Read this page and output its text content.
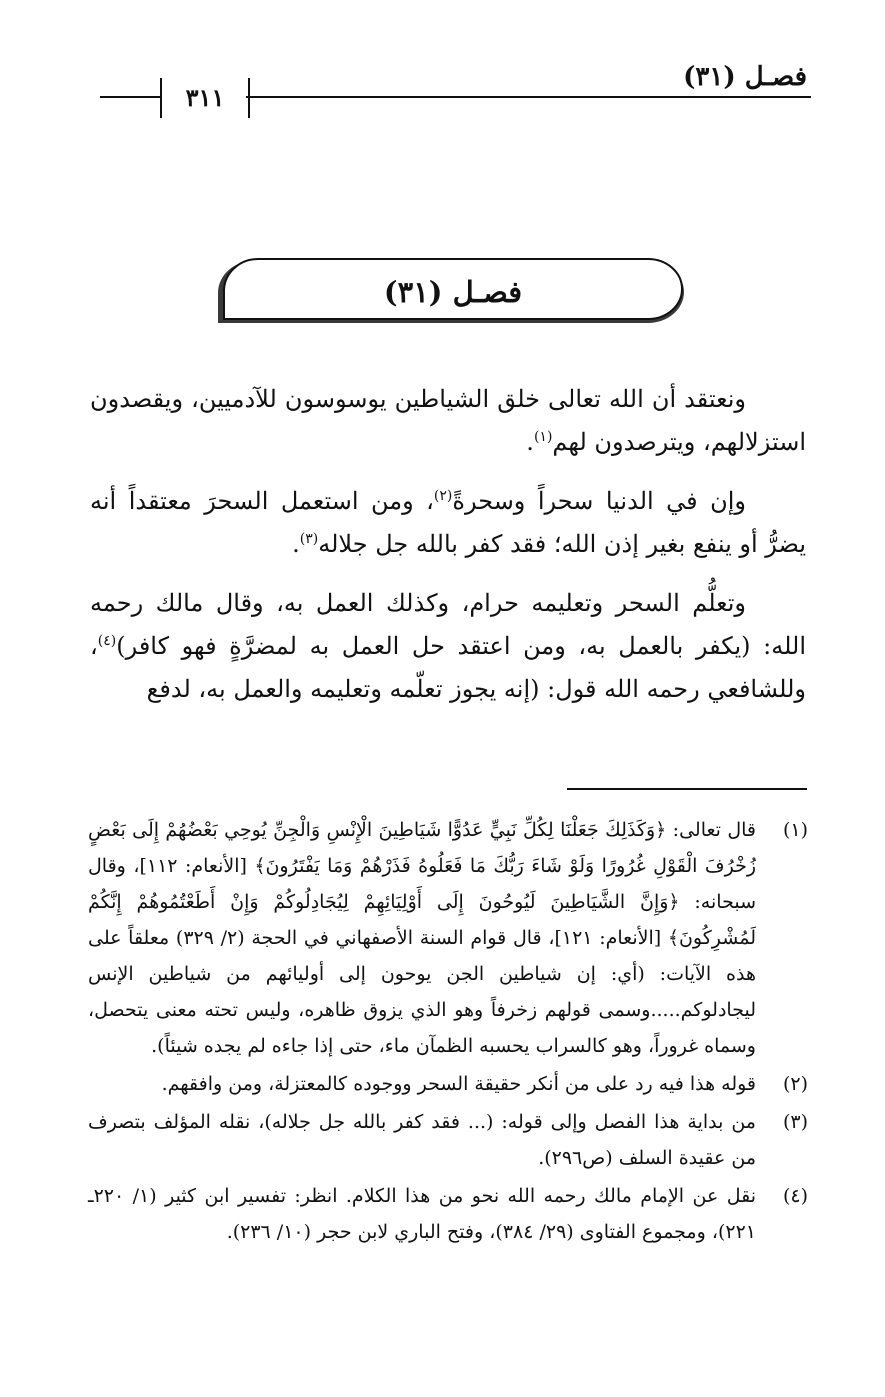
فصـل (٣١)
٣١١
فصـل (٣١)

ونعتقد أن الله تعالى خلق الشياطين يوسوسون للآدميين، ويقصدون استزلالهم، ويترصدون لهم$^{(١)}$.

وإن في الدنيا سحراً وسحرةً$^{(٢)}$، ومن استعمل السحرَ معتقداً أنه يضرُّ أو ينفع بغير إذن الله؛ فقد كفر بالله جل جلاله$^{(٣)}$.

وتعلُّم السحر وتعليمه حرام، وكذلك العمل به، وقال مالك رحمه الله: (يكفر بالعمل به، ومن اعتقد حل العمل به لمضرَّةٍ فهو كافر)$^{(٤)}$، وللشافعي رحمه الله قول: (إنه يجوز تعلّمه وتعليمه والعمل به، لدفع

(١)
قال تعالى: ﴿وَكَذَلِكَ جَعَلْنَا لِكُلِّ نَبِيٍّ عَدُوًّا شَيَاطِينَ الْإِنْسِ وَالْجِنِّ يُوحِي بَعْضُهُمْ إِلَى بَعْضٍ زُخْرُفَ الْقَوْلِ غُرُورًا وَلَوْ شَاءَ رَبُّكَ مَا فَعَلُوهُ فَذَرْهُمْ وَمَا يَفْتَرُونَ﴾ [الأنعام: ١١٢]، وقال سبحانه: ﴿وَإِنَّ الشَّيَاطِينَ لَيُوحُونَ إِلَى أَوْلِيَائِهِمْ لِيُجَادِلُوكُمْ وَإِنْ أَطَعْتُمُوهُمْ إِنَّكُمْ لَمُشْرِكُونَ﴾ [الأنعام: ١٢١]، قال قوام السنة الأصفهاني في الحجة (٢/ ٣٢٩) معلقاً على هذه الآيات: (أي: إن شياطين الجن يوحون إلى أوليائهم من شياطين الإنس ليجادلوكم.....وسمى قولهم زخرفاً وهو الذي يزوق ظاهره، وليس تحته معنى يتحصل، وسماه غروراً، وهو كالسراب يحسبه الظمآن ماء، حتى إذا جاءه لم يجده شيئاً).
(٢)
قوله هذا فيه رد على من أنكر حقيقة السحر ووجوده كالمعتزلة، ومن وافقهم.
(٣)
من بداية هذا الفصل وإلى قوله: (... فقد كفر بالله جل جلاله)، نقله المؤلف بتصرف من عقيدة السلف (ص٢٩٦).
(٤)
نقل عن الإمام مالك رحمه الله نحو من هذا الكلام. انظر: تفسير ابن كثير (١/ ٢٢٠ـ ٢٢١)، ومجموع الفتاوى (٢٩/ ٣٨٤)، وفتح الباري لابن حجر (١٠/ ٢٣٦).
